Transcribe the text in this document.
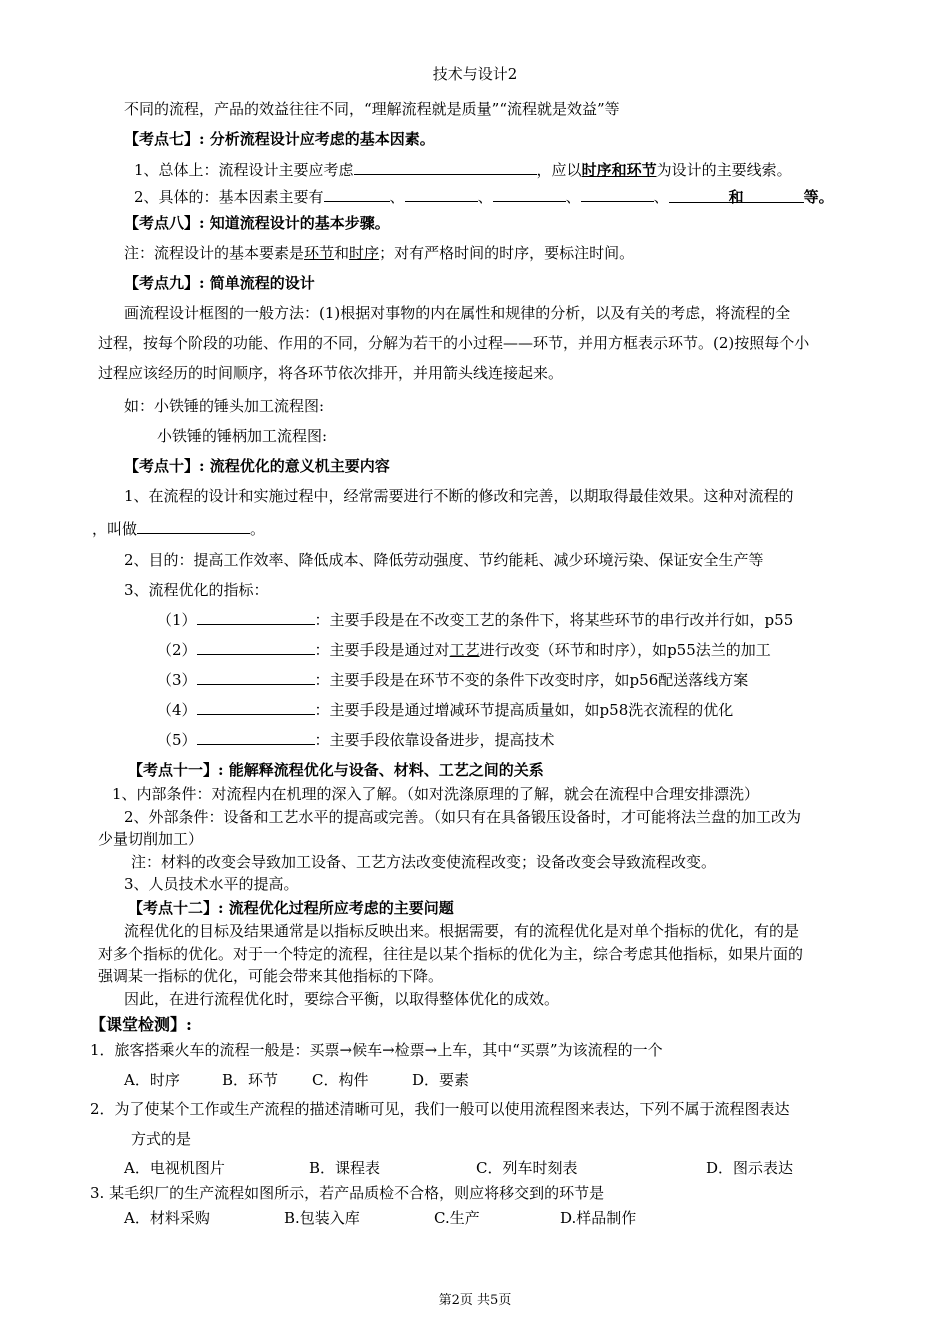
技术与设计2
不同的流程，产品的效益往往不同，“理解流程就是质量”“流程就是效益”等
【考点七】: 分析流程设计应考虑的基本因素。
1、总体上：流程设计主要应考虑	，应以时序和环节为设计的主要线索。
2、具体的：基本因素主要有	、	、	、	、	和	等。
【考点八】: 知道流程设计的基本步骤。
注：流程设计的基本要素是环节和时序；对有严格时间的时序，要标注时间。
【考点九】: 简单流程的设计
画流程设计框图的一般方法：(1)根据对事物的内在属性和规律的分析，以及有关的考虑，将流程的全
过程，按每个阶段的功能、作用的不同，分解为若干的小过程——环节，并用方框表示环节。(2)按照每个小
过程应该经历的时间顺序，将各环节依次排开，并用箭头线连接起来。
如：小铁锤的锤头加工流程图:
小铁锤的锤柄加工流程图:
【考点十】: 流程优化的意义机主要内容
1、在流程的设计和实施过程中，经常需要进行不断的修改和完善，以期取得最佳效果。这种对流程的
，叫做	。
2、目的：提高工作效率、降低成本、降低劳动强度、节约能耗、减少环境污染、保证安全生产等
3、流程优化的指标：
（1）	：主要手段是在不改变工艺的条件下，将某些环节的串行改并行如，p55
（2）	：主要手段是通过对工艺进行改变（环节和时序），如p55法兰的加工
（3）	：主要手段是在环节不变的条件下改变时序，如p56配送落线方案
（4）	：主要手段是通过增减环节提高质量如，如p58洗衣流程的优化
（5）	：主要手段依靠设备进步，提高技术
【考点十一】: 能解释流程优化与设备、材料、工艺之间的关系
1、内部条件：对流程内在机理的深入了解。（如对洗涤原理的了解，就会在流程中合理安排漂洗）
2、外部条件：设备和工艺水平的提高或完善。（如只有在具备锻压设备时，才可能将法兰盘的加工改为
少量切削加工）
注：材料的改变会导致加工设备、工艺方法改变使流程改变；设备改变会导致流程改变。
3、人员技术水平的提高。
【考点十二】: 流程优化过程所应考虑的主要问题
流程优化的目标及结果通常是以指标反映出来。根据需要，有的流程优化是对单个指标的优化，有的是
对多个指标的优化。对于一个特定的流程，往往是以某个指标的优化为主，综合考虑其他指标，如果片面的
强调某一指标的优化，可能会带来其他指标的下降。
因此，在进行流程优化时，要综合平衡，以取得整体优化的成效。
【课堂检测】:
1．旅客搭乘火车的流程一般是：买票→候车→检票→上车，其中“买票”为该流程的一个
A．时序	B．环节 C．构件	D．要素
2．为了使某个工作或生产流程的描述清晰可见，我们一般可以使用流程图来表达，下列不属于流程图表达
方式的是
A．电视机图片	B．课程表	C．列车时刻表	D．图示表达
3. 某毛织厂的生产流程如图所示，若产品质检不合格，则应将移交到的环节是
A．材料采购	B.包装入库	C.生产	D.样品制作
第2页 共5页
